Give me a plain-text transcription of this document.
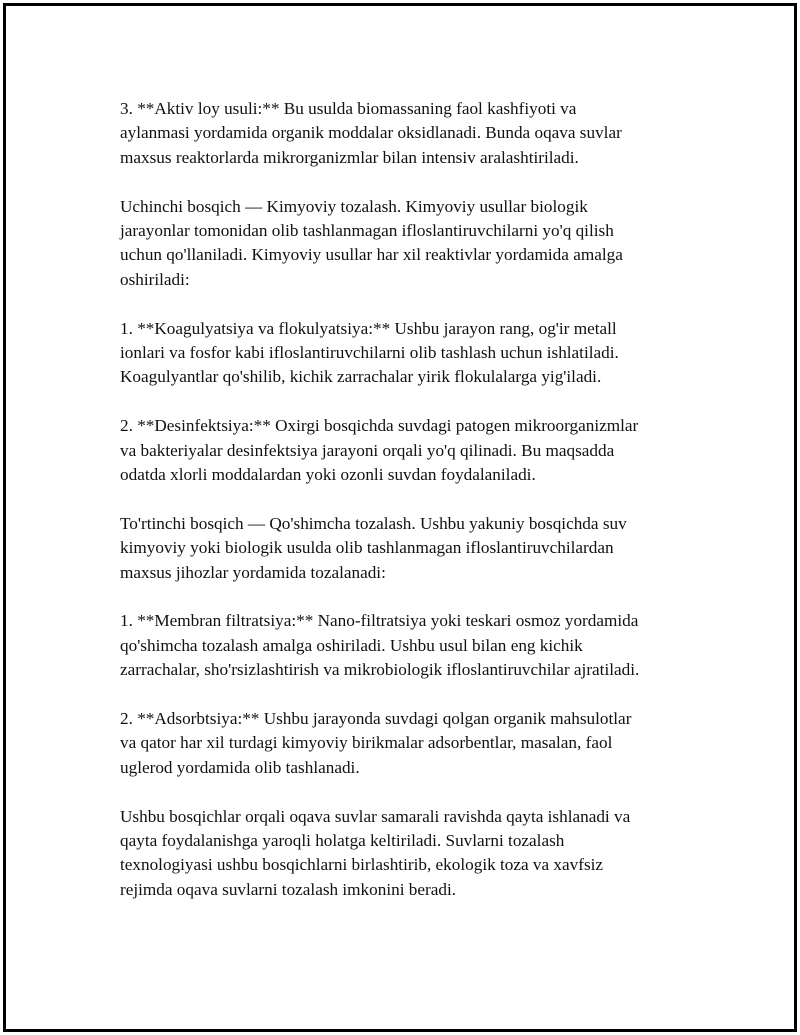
3. **Aktiv loy usuli:** Bu usulda biomassaning faol kashfiyoti va
aylanmasi yordamida organik moddalar oksidlanadi. Bunda oqava suvlar
maxsus reaktorlarda mikrorganizmlar bilan intensiv aralashtiriladi.
Uchinchi bosqich — Kimyoviy tozalash. Kimyoviy usullar biologik
jarayonlar tomonidan olib tashlanmagan ifloslantiruvchilarni yo'q qilish
uchun qo'llaniladi. Kimyoviy usullar har xil reaktivlar yordamida amalga
oshiriladi:
1. **Koagulyatsiya va flokulyatsiya:** Ushbu jarayon rang, og'ir metall
ionlari va fosfor kabi ifloslantiruvchilarni olib tashlash uchun ishlatiladi.
Koagulyantlar qo'shilib, kichik zarrachalar yirik flokulalarga yig'iladi.
2. **Desinfektsiya:** Oxirgi bosqichda suvdagi patogen mikroorganizmlar
va bakteriyalar desinfektsiya jarayoni orqali yo'q qilinadi. Bu maqsadda
odatda xlorli moddalardan yoki ozonli suvdan foydalaniladi.
To'rtinchi bosqich — Qo'shimcha tozalash. Ushbu yakuniy bosqichda suv
kimyoviy yoki biologik usulda olib tashlanmagan ifloslantiruvchilardan
maxsus jihozlar yordamida tozalanadi:
1. **Membran filtratsiya:** Nano-filtratsiya yoki teskari osmoz yordamida
qo'shimcha tozalash amalga oshiriladi. Ushbu usul bilan eng kichik
zarrachalar, sho'rsizlashtirish va mikrobiologik ifloslantiruvchilar ajratiladi.
2. **Adsorbtsiya:** Ushbu jarayonda suvdagi qolgan organik mahsulotlar
va qator har xil turdagi kimyoviy birikmalar adsorbentlar, masalan, faol
uglerod yordamida olib tashlanadi.
Ushbu bosqichlar orqali oqava suvlar samarali ravishda qayta ishlanadi va
qayta foydalanishga yaroqli holatga keltiriladi. Suvlarni tozalash
texnologiyasi ushbu bosqichlarni birlashtirib, ekologik toza va xavfsiz
rejimda oqava suvlarni tozalash imkonini beradi.
